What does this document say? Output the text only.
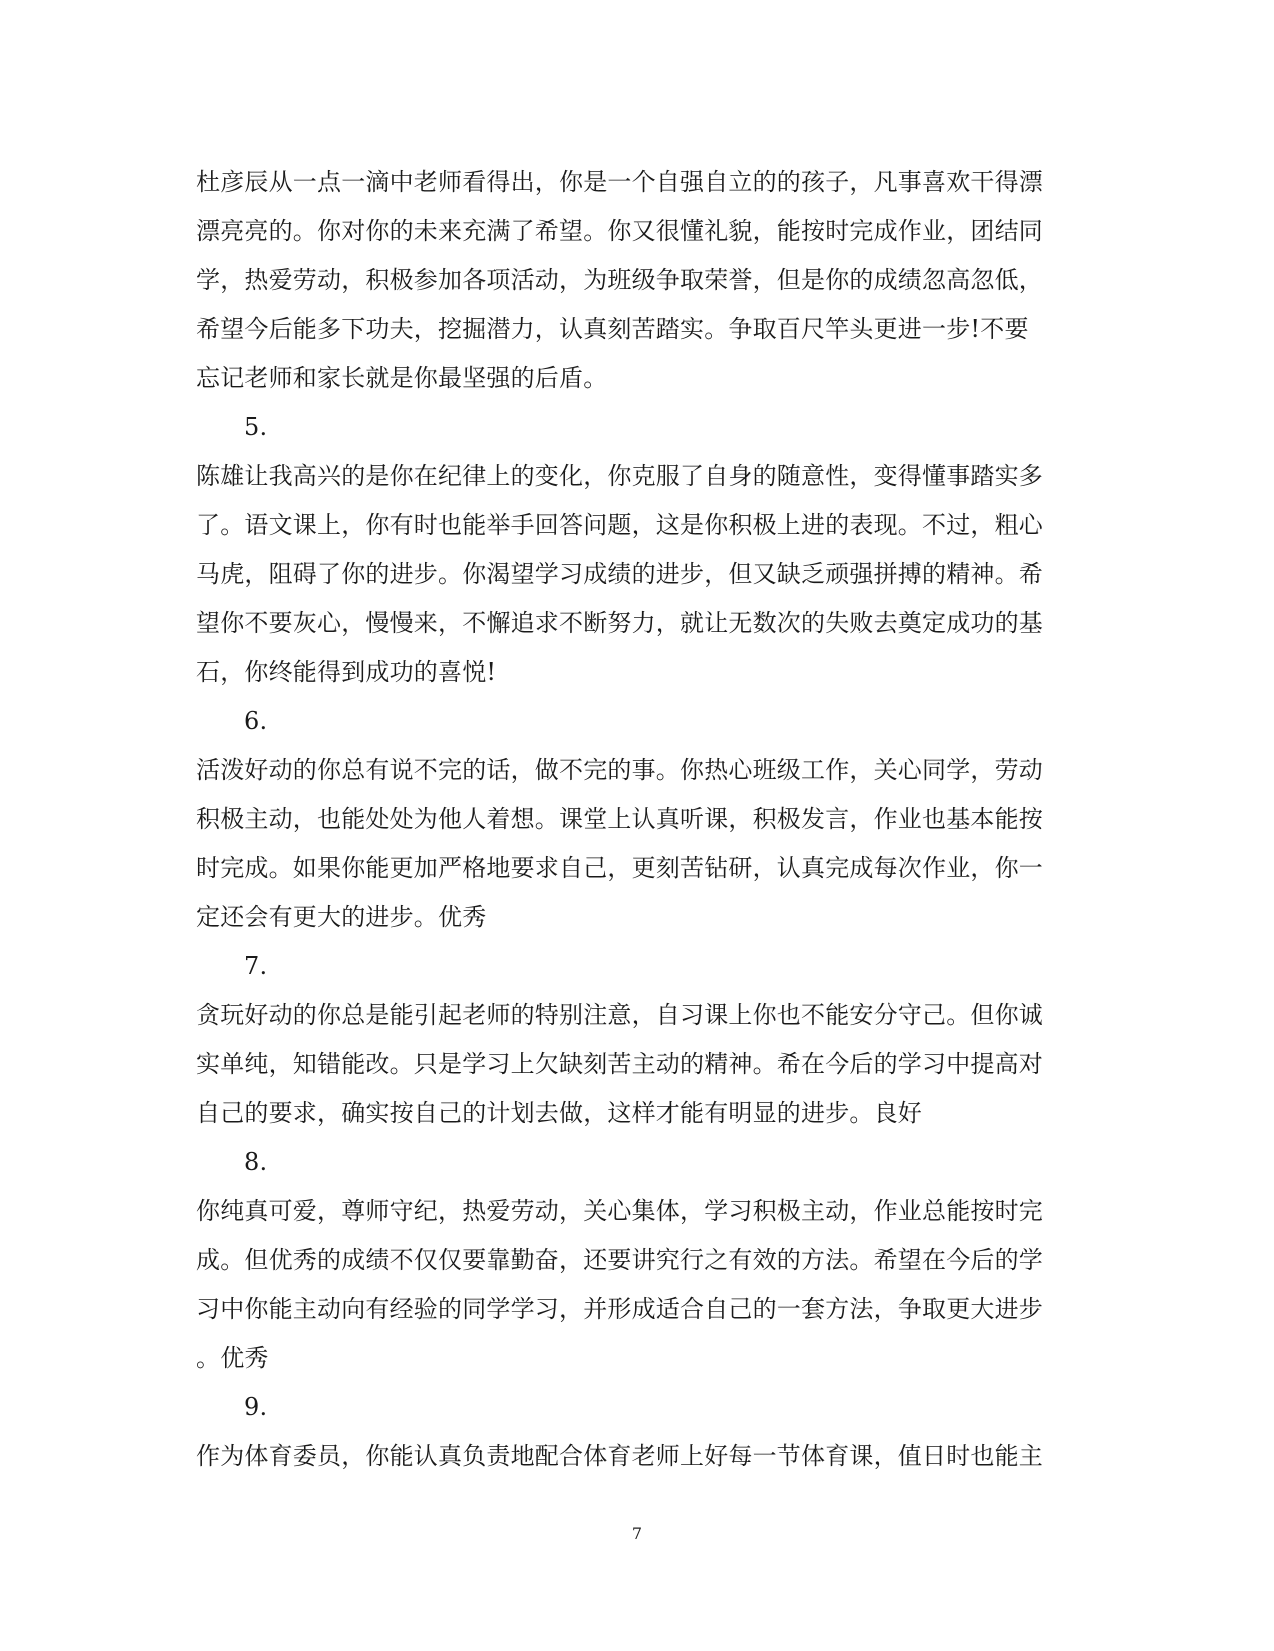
杜彦辰从一点一滴中老师看得出，你是一个自强自立的的孩子，凡事喜欢干得漂
漂亮亮的。你对你的未来充满了希望。你又很懂礼貌，能按时完成作业，团结同
学，热爱劳动，积极参加各项活动，为班级争取荣誉，但是你的成绩忽高忽低，
希望今后能多下功夫，挖掘潜力，认真刻苦踏实。争取百尺竿头更进一步!不要
忘记老师和家长就是你最坚强的后盾。
5.
陈雄让我高兴的是你在纪律上的变化，你克服了自身的随意性，变得懂事踏实多
了。语文课上，你有时也能举手回答问题，这是你积极上进的表现。不过，粗心
马虎，阻碍了你的进步。你渴望学习成绩的进步，但又缺乏顽强拼搏的精神。希
望你不要灰心，慢慢来，不懈追求不断努力，就让无数次的失败去奠定成功的基
石，你终能得到成功的喜悦!
6.
活泼好动的你总有说不完的话，做不完的事。你热心班级工作，关心同学，劳动
积极主动，也能处处为他人着想。课堂上认真听课，积极发言，作业也基本能按
时完成。如果你能更加严格地要求自己，更刻苦钻研，认真完成每次作业，你一
定还会有更大的进步。优秀
7.
贪玩好动的你总是能引起老师的特别注意，自习课上你也不能安分守己。但你诚
实单纯，知错能改。只是学习上欠缺刻苦主动的精神。希在今后的学习中提高对
自己的要求，确实按自己的计划去做，这样才能有明显的进步。良好
8.
你纯真可爱，尊师守纪，热爱劳动，关心集体，学习积极主动，作业总能按时完
成。但优秀的成绩不仅仅要靠勤奋，还要讲究行之有效的方法。希望在今后的学
习中你能主动向有经验的同学学习，并形成适合自己的一套方法，争取更大进步
。优秀
9.
作为体育委员，你能认真负责地配合体育老师上好每一节体育课，值日时也能主
7
